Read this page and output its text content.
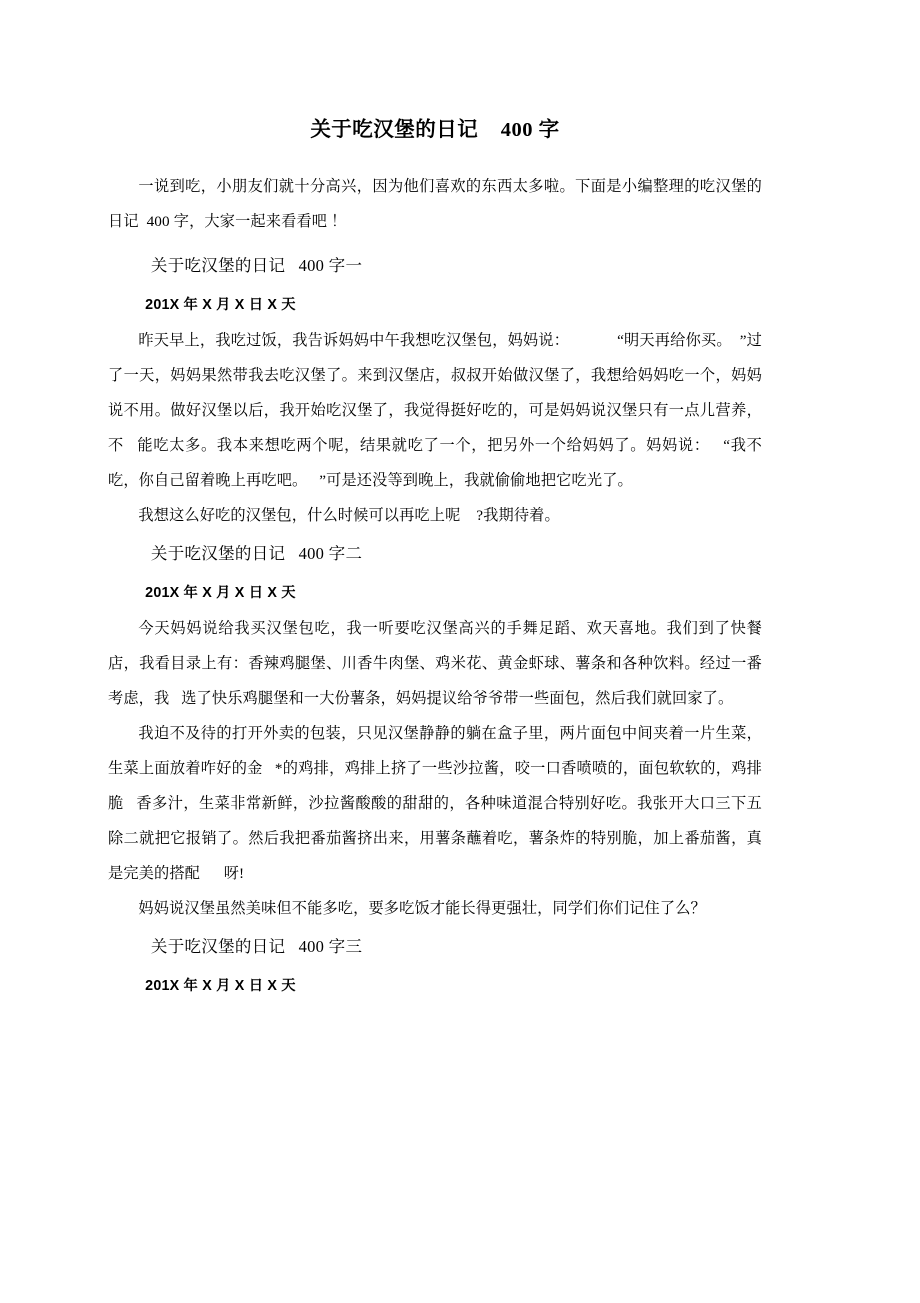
关于吃汉堡的日记    400 字

一说到吃，小朋友们就十分高兴，因为他们喜欢的东西太多啦。下面是小编整理的吃汉堡的日记  400 字，大家一起来看看吧 ！

关于吃汉堡的日记   400 字一

201X 年 X 月 X 日 X 天

昨天早上，我吃过饭，我告诉妈妈中午我想吃汉堡包，妈妈说：            “明天再给你买。  ”过了一天，妈妈果然带我去吃汉堡了。来到汉堡店，叔叔开始做汉堡了，我想给妈妈吃一个，妈妈说不用。做好汉堡以后，我开始吃汉堡了，我觉得挺好吃的，可是妈妈说汉堡只有一点儿营养，不   能吃太多。我本来想吃两个呢，结果就吃了一个，把另外一个给妈妈了。妈妈说：   “我不吃，你自己留着晚上再吃吧。   ”可是还没等到晚上，我就偷偷地把它吃光了。

我想这么好吃的汉堡包，什么时候可以再吃上呢    ?我期待着。

关于吃汉堡的日记   400 字二

201X 年 X 月 X 日 X 天

今天妈妈说给我买汉堡包吃，我一听要吃汉堡高兴的手舞足蹈、欢天喜地。我们到了快餐店，我看目录上有：香辣鸡腿堡、川香牛肉堡、鸡米花、黄金虾球、薯条和各种饮料。经过一番考虑，我   选了快乐鸡腿堡和一大份薯条，妈妈提议给爷爷带一些面包，然后我们就回家了。

我迫不及待的打开外卖的包装，只见汉堡静静的躺在盒子里，两片面包中间夹着一片生菜，生菜上面放着咋好的金   *的鸡排，鸡排上挤了一些沙拉酱，咬一口香喷喷的，面包软软的，鸡排脆   香多汁，生菜非常新鲜，沙拉酱酸酸的甜甜的，各种味道混合特别好吃。我张开大口三下五除二就把它报销了。然后我把番茄酱挤出来，用薯条蘸着吃，薯条炸的特别脆，加上番茄酱，真是完美的搭配      呀!

妈妈说汉堡虽然美味但不能多吃，要多吃饭才能长得更强壮，同学们你们记住了么？

关于吃汉堡的日记   400 字三

201X 年 X 月 X 日 X 天
